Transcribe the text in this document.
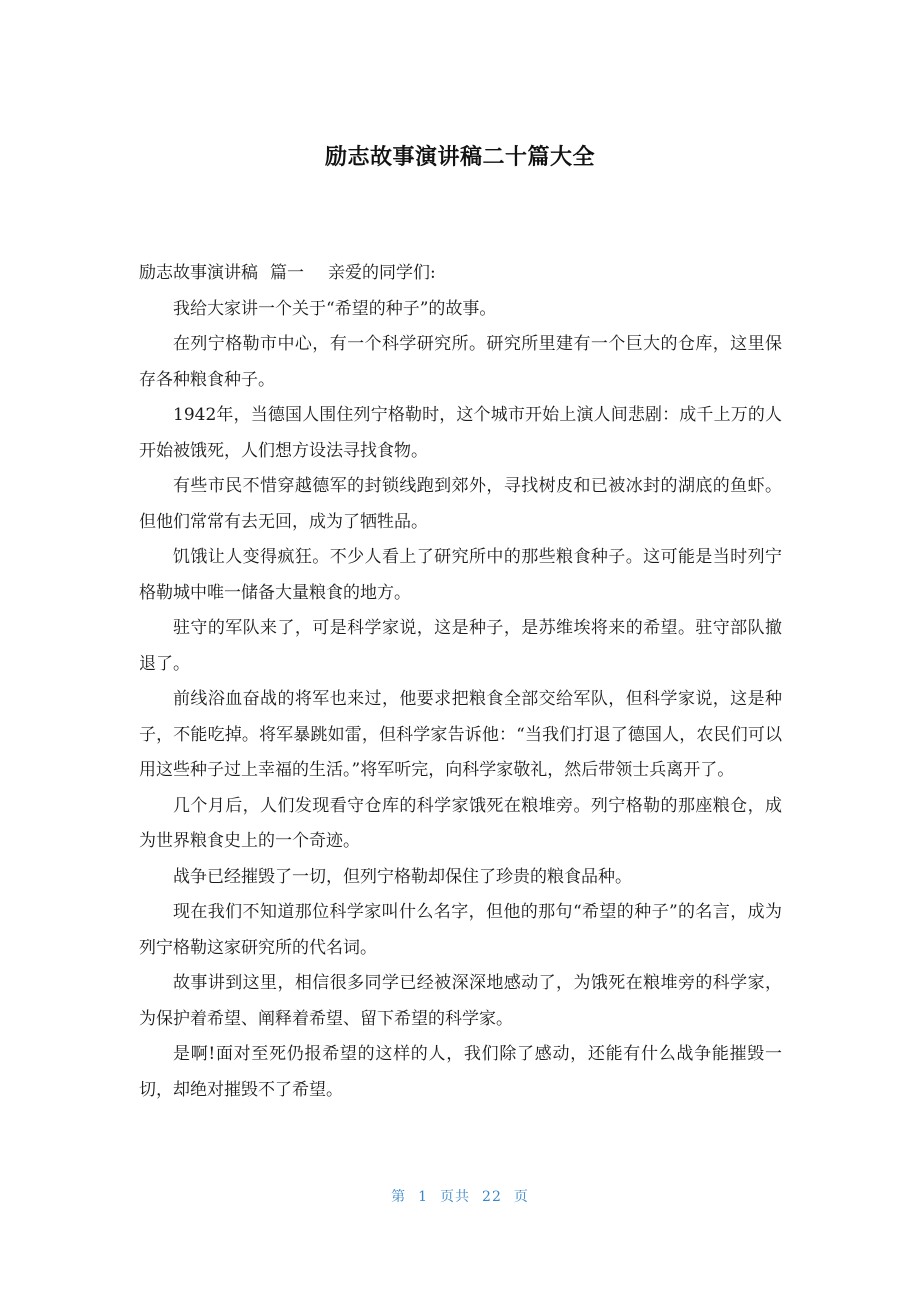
励志故事演讲稿二十篇大全

励志故事演讲稿 篇一 亲爱的同学们:

我给大家讲一个关于“希望的种子”的故事。

在列宁格勒市中心，有一个科学研究所。研究所里建有一个巨大的仓库，这里保存各种粮食种子。

1942年，当德国人围住列宁格勒时，这个城市开始上演人间悲剧：成千上万的人开始被饿死，人们想方设法寻找食物。

有些市民不惜穿越德军的封锁线跑到郊外，寻找树皮和已被冰封的湖底的鱼虾。但他们常常有去无回，成为了牺牲品。

饥饿让人变得疯狂。不少人看上了研究所中的那些粮食种子。这可能是当时列宁格勒城中唯一储备大量粮食的地方。

驻守的军队来了，可是科学家说，这是种子，是苏维埃将来的希望。驻守部队撤退了。

前线浴血奋战的将军也来过，他要求把粮食全部交给军队，但科学家说，这是种子，不能吃掉。将军暴跳如雷，但科学家告诉他：“当我们打退了德国人，农民们可以用这些种子过上幸福的生活。”将军听完，向科学家敬礼，然后带领士兵离开了。

几个月后，人们发现看守仓库的科学家饿死在粮堆旁。列宁格勒的那座粮仓，成为世界粮食史上的一个奇迹。

战争已经摧毁了一切，但列宁格勒却保住了珍贵的粮食品种。

现在我们不知道那位科学家叫什么名字，但他的那句“希望的种子”的名言，成为列宁格勒这家研究所的代名词。

故事讲到这里，相信很多同学已经被深深地感动了，为饿死在粮堆旁的科学家，为保护着希望、阐释着希望、留下希望的科学家。

是啊!面对至死仍报希望的这样的人，我们除了感动，还能有什么战争能摧毁一切，却绝对摧毁不了希望。

第 1 页共 22 页
